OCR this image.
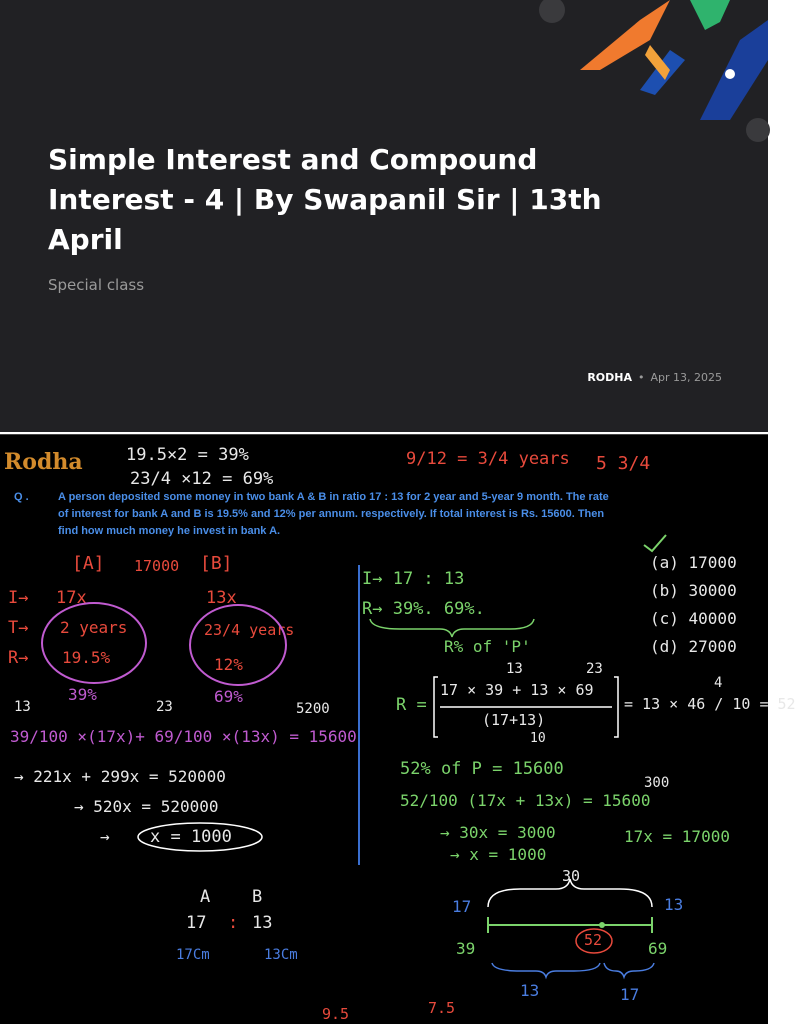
Simple Interest and Compound Interest - 4 | By Swapanil Sir | 13th April
Special class
RODHA • Apr 13, 2025
Rodha	19.5×2 = 39%
23/4 ×12 = 69%
9/12 = 3/4 years 5 3/4
Q .	A person deposited some money in two bank A & B in ratio 17 : 13 for 2 year and 5-year 9 month. The rate of interest for bank A and B is 19.5% and 12% per annum. respectively. If total interest is Rs. 15600. Then find how much money he invest in bank A.
[A] 17000 [B]
I→ 17x	13x
T→ 2 years	23/4 years
R→ 19.5%	12%
39%	69%
13	23	5200
39/100 ×(17x)+ 69/100 ×(13x) = 15600
→ 221x + 299x = 520000
→ 520x = 520000
→ x = 1000
I→ 17 : 13
R→ 39%. 69%.
R% of 'P'
13	23
R =
17 × 39 + 13 × 69
(17+13)
10
4
= 13 × 46 / 10 = 52
52% of P = 15600
300
52/100 (17x + 13x) = 15600
→ 30x = 3000
→ x = 1000
17x = 17000
(a) 17000
(b) 30000
(c) 40000
(d) 27000
A B
17 : 13
17Cm	13Cm
30
17	13
39	52	69
13	17
9.5	7.5
